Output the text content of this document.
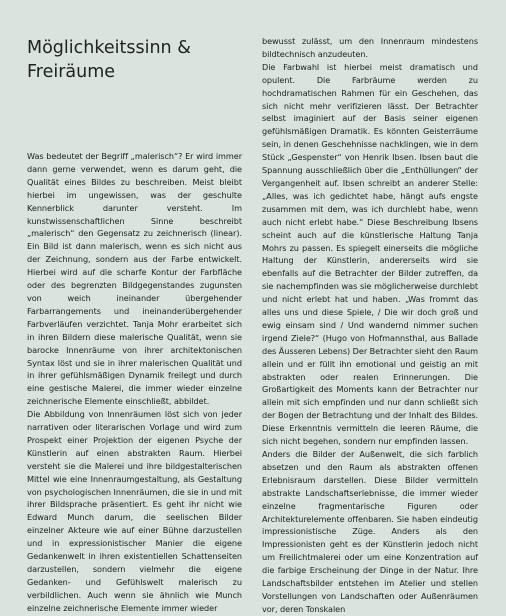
Möglichkeitssinn &
Freiräume

Was bedeutet der Begriff „malerisch“? Er wird immer dann gerne verwendet, wenn es darum geht, die Qualität eines Bildes zu beschreiben. Meist bleibt hierbei im ungewissen, was der geschulte Kennerblick darunter versteht. Im kunstwissenschaftlichen Sinne beschreibt „malerisch“ den Gegensatz zu zeichnerisch (linear). Ein Bild ist dann malerisch, wenn es sich nicht aus der Zeichnung, sondern aus der Farbe entwickelt. Hierbei wird auf die scharfe Kontur der Farbfläche oder des begrenzten Bildgegenstandes zugunsten von weich ineinander übergehender Farbarrangements und ineinanderübergehender Farbverläufen verzichtet. Tanja Mohr erarbeitet sich in ihren Bildern diese malerische Qualität, wenn sie barocke Innenräume von ihrer architektonischen Syntax löst und sie in ihrer malerischen Qualität und in ihrer gefühlsmäßigen Dynamik freilegt und durch eine gestische Malerei, die immer wieder einzelne zeichnerische Elemente einschließt, abbildet.

Die Abbildung von Innenräumen löst sich von jeder narrativen oder literarischen Vorlage und wird zum Prospekt einer Projektion der eigenen Psyche der Künstlerin auf einen abstrakten Raum. Hierbei versteht sie die Malerei und ihre bildgestalterischen Mittel wie eine Innenraumgestaltung, als Gestaltung von psychologischen Innenräumen, die sie in und mit ihrer Bildsprache präsentiert. Es geht ihr nicht wie Edward Munch darum, die seelischen Bilder einzelner Akteure wie auf einer Bühne darzustellen und in expressionistischer Manier die eigene Gedankenwelt in ihren existentiellen Schattenseiten darzustellen, sondern vielmehr die eigene Gedanken- und Gefühlswelt malerisch zu verbildlichen. Auch wenn sie ähnlich wie Munch einzelne zeichnerische Elemente immer wieder

bewusst zulässt, um den Innenraum mindestens bildtechnisch anzudeuten.

Die Farbwahl ist hierbei meist dramatisch und opulent. Die Farbräume werden zu hochdramatischen Rahmen für ein Geschehen, das sich nicht mehr verifizieren lässt. Der Betrachter selbst imaginiert auf der Basis seiner eigenen gefühlsmäßigen Dramatik. Es könnten Geisterräume sein, in denen Geschehnisse nachklingen, wie in dem Stück „Gespenster“ von Henrik Ibsen. Ibsen baut die Spannung ausschließlich über die „Enthüllungen“ der Vergangenheit auf. Ibsen schreibt an anderer Stelle: „Alles, was ich gedichtet habe, hängt aufs engste zusammen mit dem, was ich durchlebt habe, wenn auch nicht erlebt habe.“ Diese Beschreibung Ibsens scheint auch auf die künstlerische Haltung Tanja Mohrs zu passen. Es spiegelt einerseits die mögliche Haltung der Künstlerin, andererseits wird sie ebenfalls auf die Betrachter der Bilder zutreffen, da sie nachempfinden was sie möglicherweise durchlebt und nicht erlebt hat und haben. „Was frommt das alles uns und diese Spiele, / Die wir doch groß und ewig einsam sind / Und wandernd nimmer suchen irgend Ziele?“ (Hugo von Hofmannsthal, aus Ballade des Äusseren Lebens) Der Betrachter sieht den Raum allein und er füllt ihn emotional und geistig an mit abstrakten oder realen Erinnerungen. Die Großartigkeit des Moments kann der Betrachter nur allein mit sich empfinden und nur dann schließt sich der Bogen der Betrachtung und der Inhalt des Bildes. Diese Erkenntnis vermitteln die leeren Räume, die sich nicht begehen, sondern nur empfinden lassen.

Anders die Bilder der Außenwelt, die sich farblich absetzen und den Raum als abstrakten offenen Erlebnisraum darstellen. Diese Bilder vermitteln abstrakte Landschaftserlebnisse, die immer wieder einzelne fragmentarische Figuren oder Architekturelemente offenbaren. Sie haben eindeutig impressionistische Züge. Anders als den Impressionisten geht es der Künstlerin jedoch nicht um Freilichtmalerei oder um eine Konzentration auf die farbige Erscheinung der Dinge in der Natur. Ihre Landschaftsbilder entstehen im Atelier und stellen Vorstellungen von Landschaften oder Außenräumen vor, deren Tonskalen
